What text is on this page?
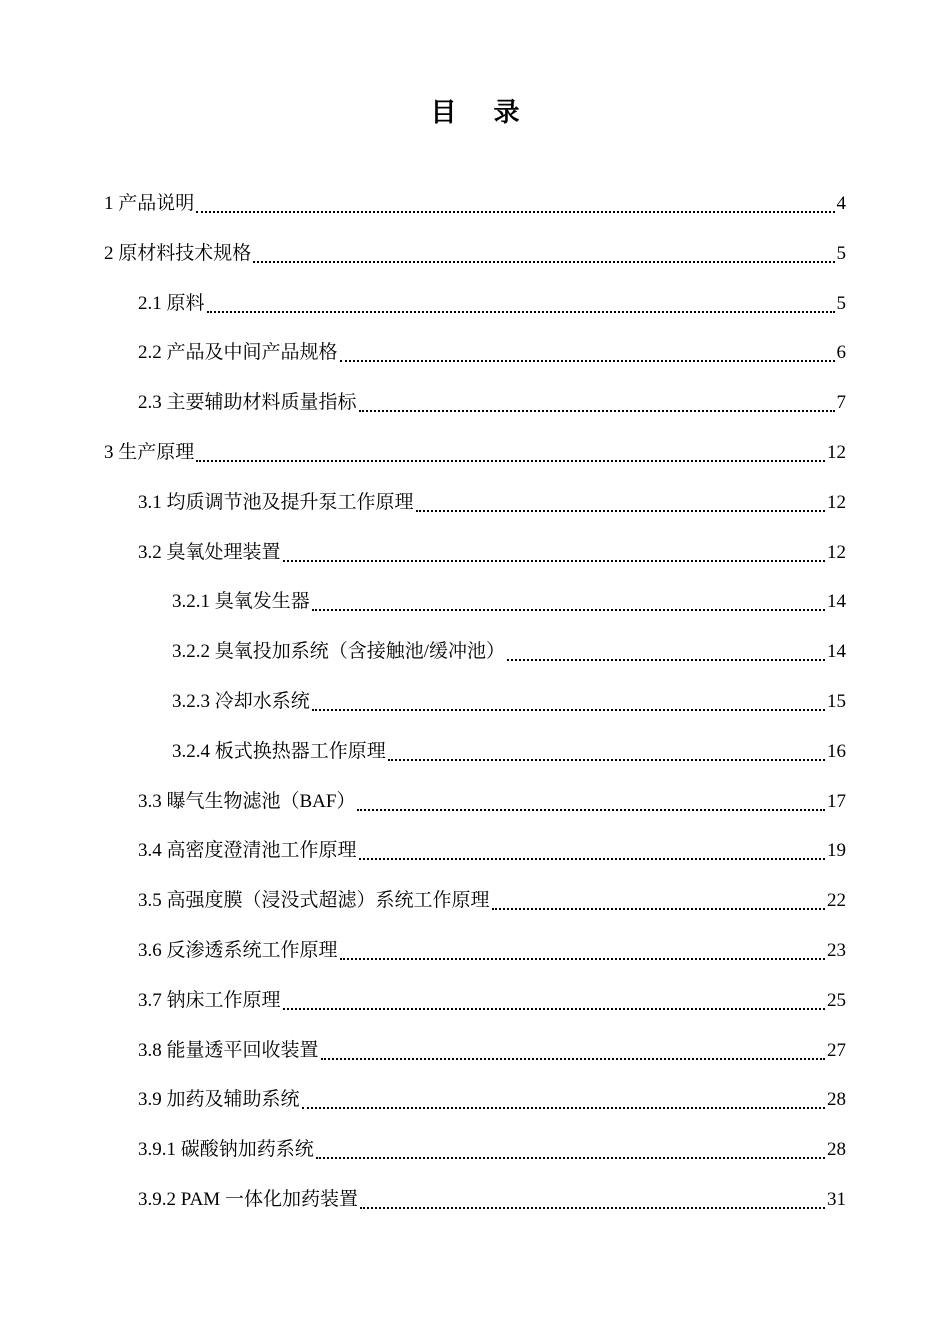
目 录
1 产品说明	4
2 原材料技术规格	5
2.1 原料	5
2.2 产品及中间产品规格	6
2.3 主要辅助材料质量指标	7
3 生产原理	12
3.1 均质调节池及提升泵工作原理	12
3.2 臭氧处理装置	12
3.2.1 臭氧发生器	14
3.2.2 臭氧投加系统（含接触池/缓冲池）	14
3.2.3 冷却水系统	15
3.2.4 板式换热器工作原理	16
3.3 曝气生物滤池（BAF）	17
3.4 高密度澄清池工作原理	19
3.5 高强度膜（浸没式超滤）系统工作原理	22
3.6 反渗透系统工作原理	23
3.7 钠床工作原理	25
3.8 能量透平回收装置	27
3.9 加药及辅助系统	28
3.9.1 碳酸钠加药系统	28
3.9.2 PAM 一体化加药装置	31
